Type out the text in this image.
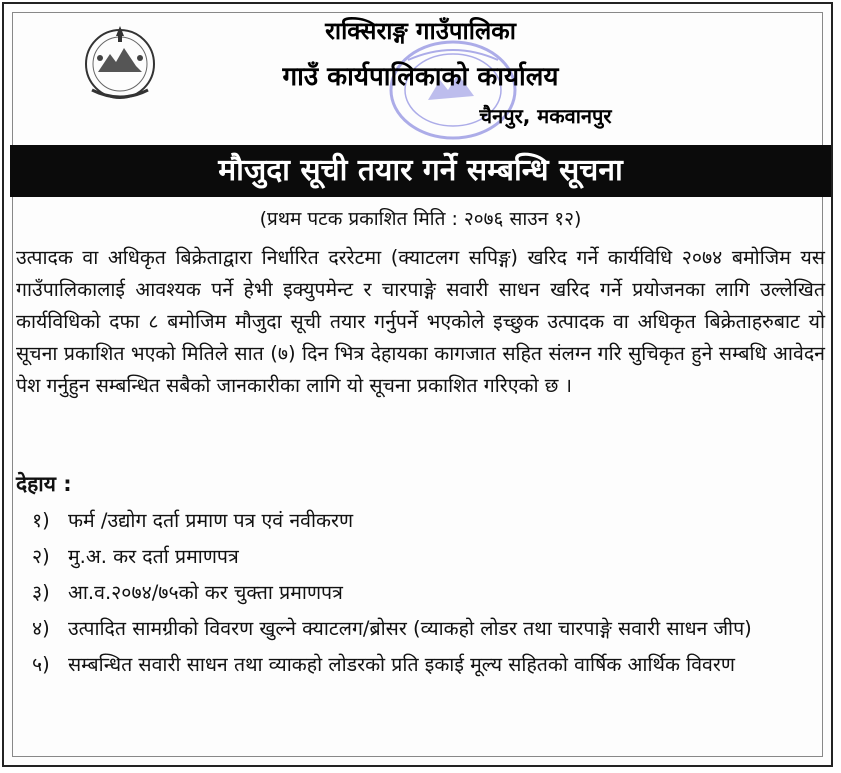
राक्सिराङ्ग गाउँपालिका
गाउँ कार्यपालिकाको कार्यालय
चैनपुर, मकवानपुर
मौजुदा सूची तयार गर्ने सम्बन्धि सूचना
(प्रथम पटक प्रकाशित मिति : २०७६ साउन १२)
उत्पादक वा अधिकृत बिक्रेताद्वारा निर्धारित दररेटमा (क्याटलग सपिङ्ग) खरिद गर्ने कार्यविधि २०७४ बमोजिम यस गाउँपालिकालाई आवश्यक पर्ने हेभी इक्युपमेन्ट र चारपाङ्गे सवारी साधन खरिद गर्ने प्रयोजनका लागि उल्लेखित कार्यविधिको दफा ८ बमोजिम मौजुदा सूची तयार गर्नुपर्ने भएकोले इच्छुक उत्पादक वा अधिकृत बिक्रेताहरुबाट यो सूचना प्रकाशित भएको मितिले सात (७) दिन भित्र देहायका कागजात सहित संलग्न गरि सुचिकृत हुने सम्बधि आवेदन पेश गर्नुहुन सम्बन्धित सबैको जानकारीका लागि यो सूचना प्रकाशित गरिएको छ ।
देहाय :
१) फर्म /उद्योग दर्ता प्रमाण पत्र एवं नवीकरण
२) मु.अ. कर दर्ता प्रमाणपत्र
३) आ.व.२०७४/७५को कर चुक्ता प्रमाणपत्र
४) उत्पादित सामग्रीको विवरण खुल्ने क्याटलग/ब्रोसर (व्याकहो लोडर तथा चारपाङ्गे सवारी साधन जीप)
५) सम्बन्धित सवारी साधन तथा व्याकहो लोडरको प्रति इकाई मूल्य सहितको वार्षिक आर्थिक विवरण
